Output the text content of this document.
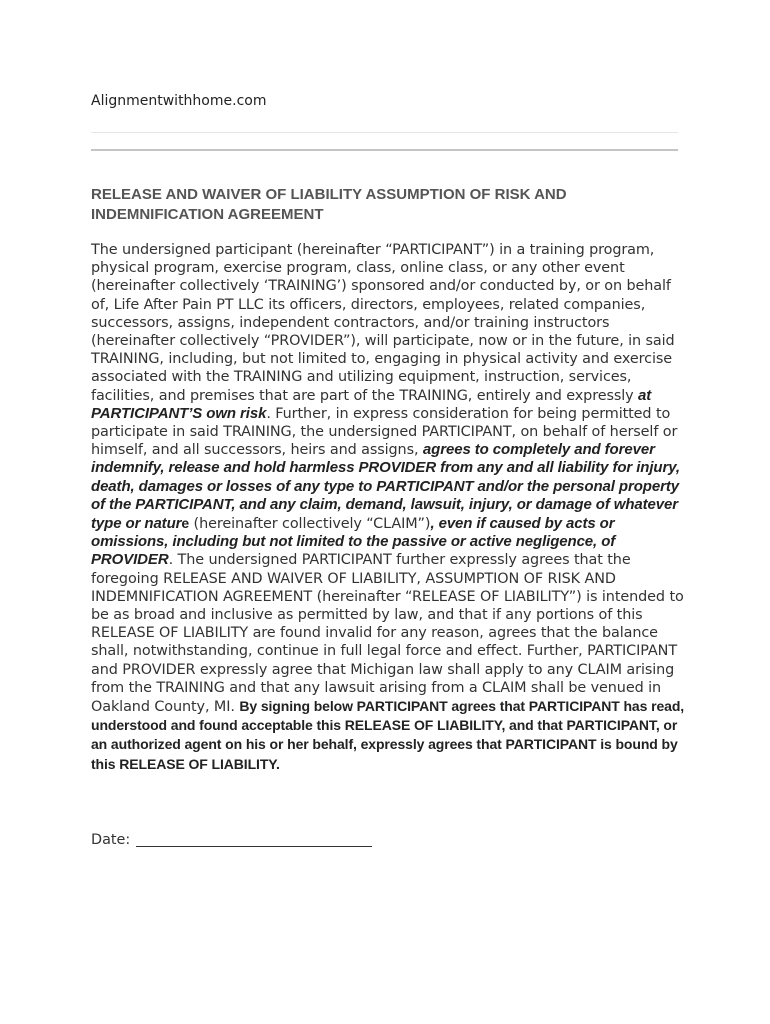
Alignmentwithhome.com
RELEASE AND WAIVER OF LIABILITY ASSUMPTION OF RISK AND
INDEMNIFICATION AGREEMENT
The undersigned participant (hereinafter “PARTICIPANT”) in a training program, physical program, exercise program, class, online class, or any other event (hereinafter collectively ‘TRAINING’) sponsored and/or conducted by, or on behalf of, Life After Pain PT LLC its officers, directors, employees, related companies, successors, assigns, independent contractors, and/or training instructors (hereinafter collectively “PROVIDER”), will participate, now or in the future, in said TRAINING, including, but not limited to, engaging in physical activity and exercise associated with the TRAINING and utilizing equipment, instruction, services, facilities, and premises that are part of the TRAINING, entirely and expressly at PARTICIPANT’S own risk. Further, in express consideration for being permitted to participate in said TRAINING, the undersigned PARTICIPANT, on behalf of herself or himself, and all successors, heirs and assigns, agrees to completely and forever indemnify, release and hold harmless PROVIDER from any and all liability for injury, death, damages or losses of any type to PARTICIPANT and/or the personal property of the PARTICIPANT, and any claim, demand, lawsuit, injury, or damage of whatever type or nature (hereinafter collectively “CLAIM”), even if caused by acts or omissions, including but not limited to the passive or active negligence, of PROVIDER. The undersigned PARTICIPANT further expressly agrees that the foregoing RELEASE AND WAIVER OF LIABILITY, ASSUMPTION OF RISK AND INDEMNIFICATION AGREEMENT (hereinafter “RELEASE OF LIABILITY”) is intended to be as broad and inclusive as permitted by law, and that if any portions of this RELEASE OF LIABILITY are found invalid for any reason, agrees that the balance shall, notwithstanding, continue in full legal force and effect. Further, PARTICIPANT and PROVIDER expressly agree that Michigan law shall apply to any CLAIM arising from the TRAINING and that any lawsuit arising from a CLAIM shall be venued in Oakland County, MI. By signing below PARTICIPANT agrees that PARTICIPANT has read, understood and found acceptable this RELEASE OF LIABILITY, and that PARTICIPANT, or an authorized agent on his or her behalf, expressly agrees that PARTICIPANT is bound by this RELEASE OF LIABILITY.
Date:
